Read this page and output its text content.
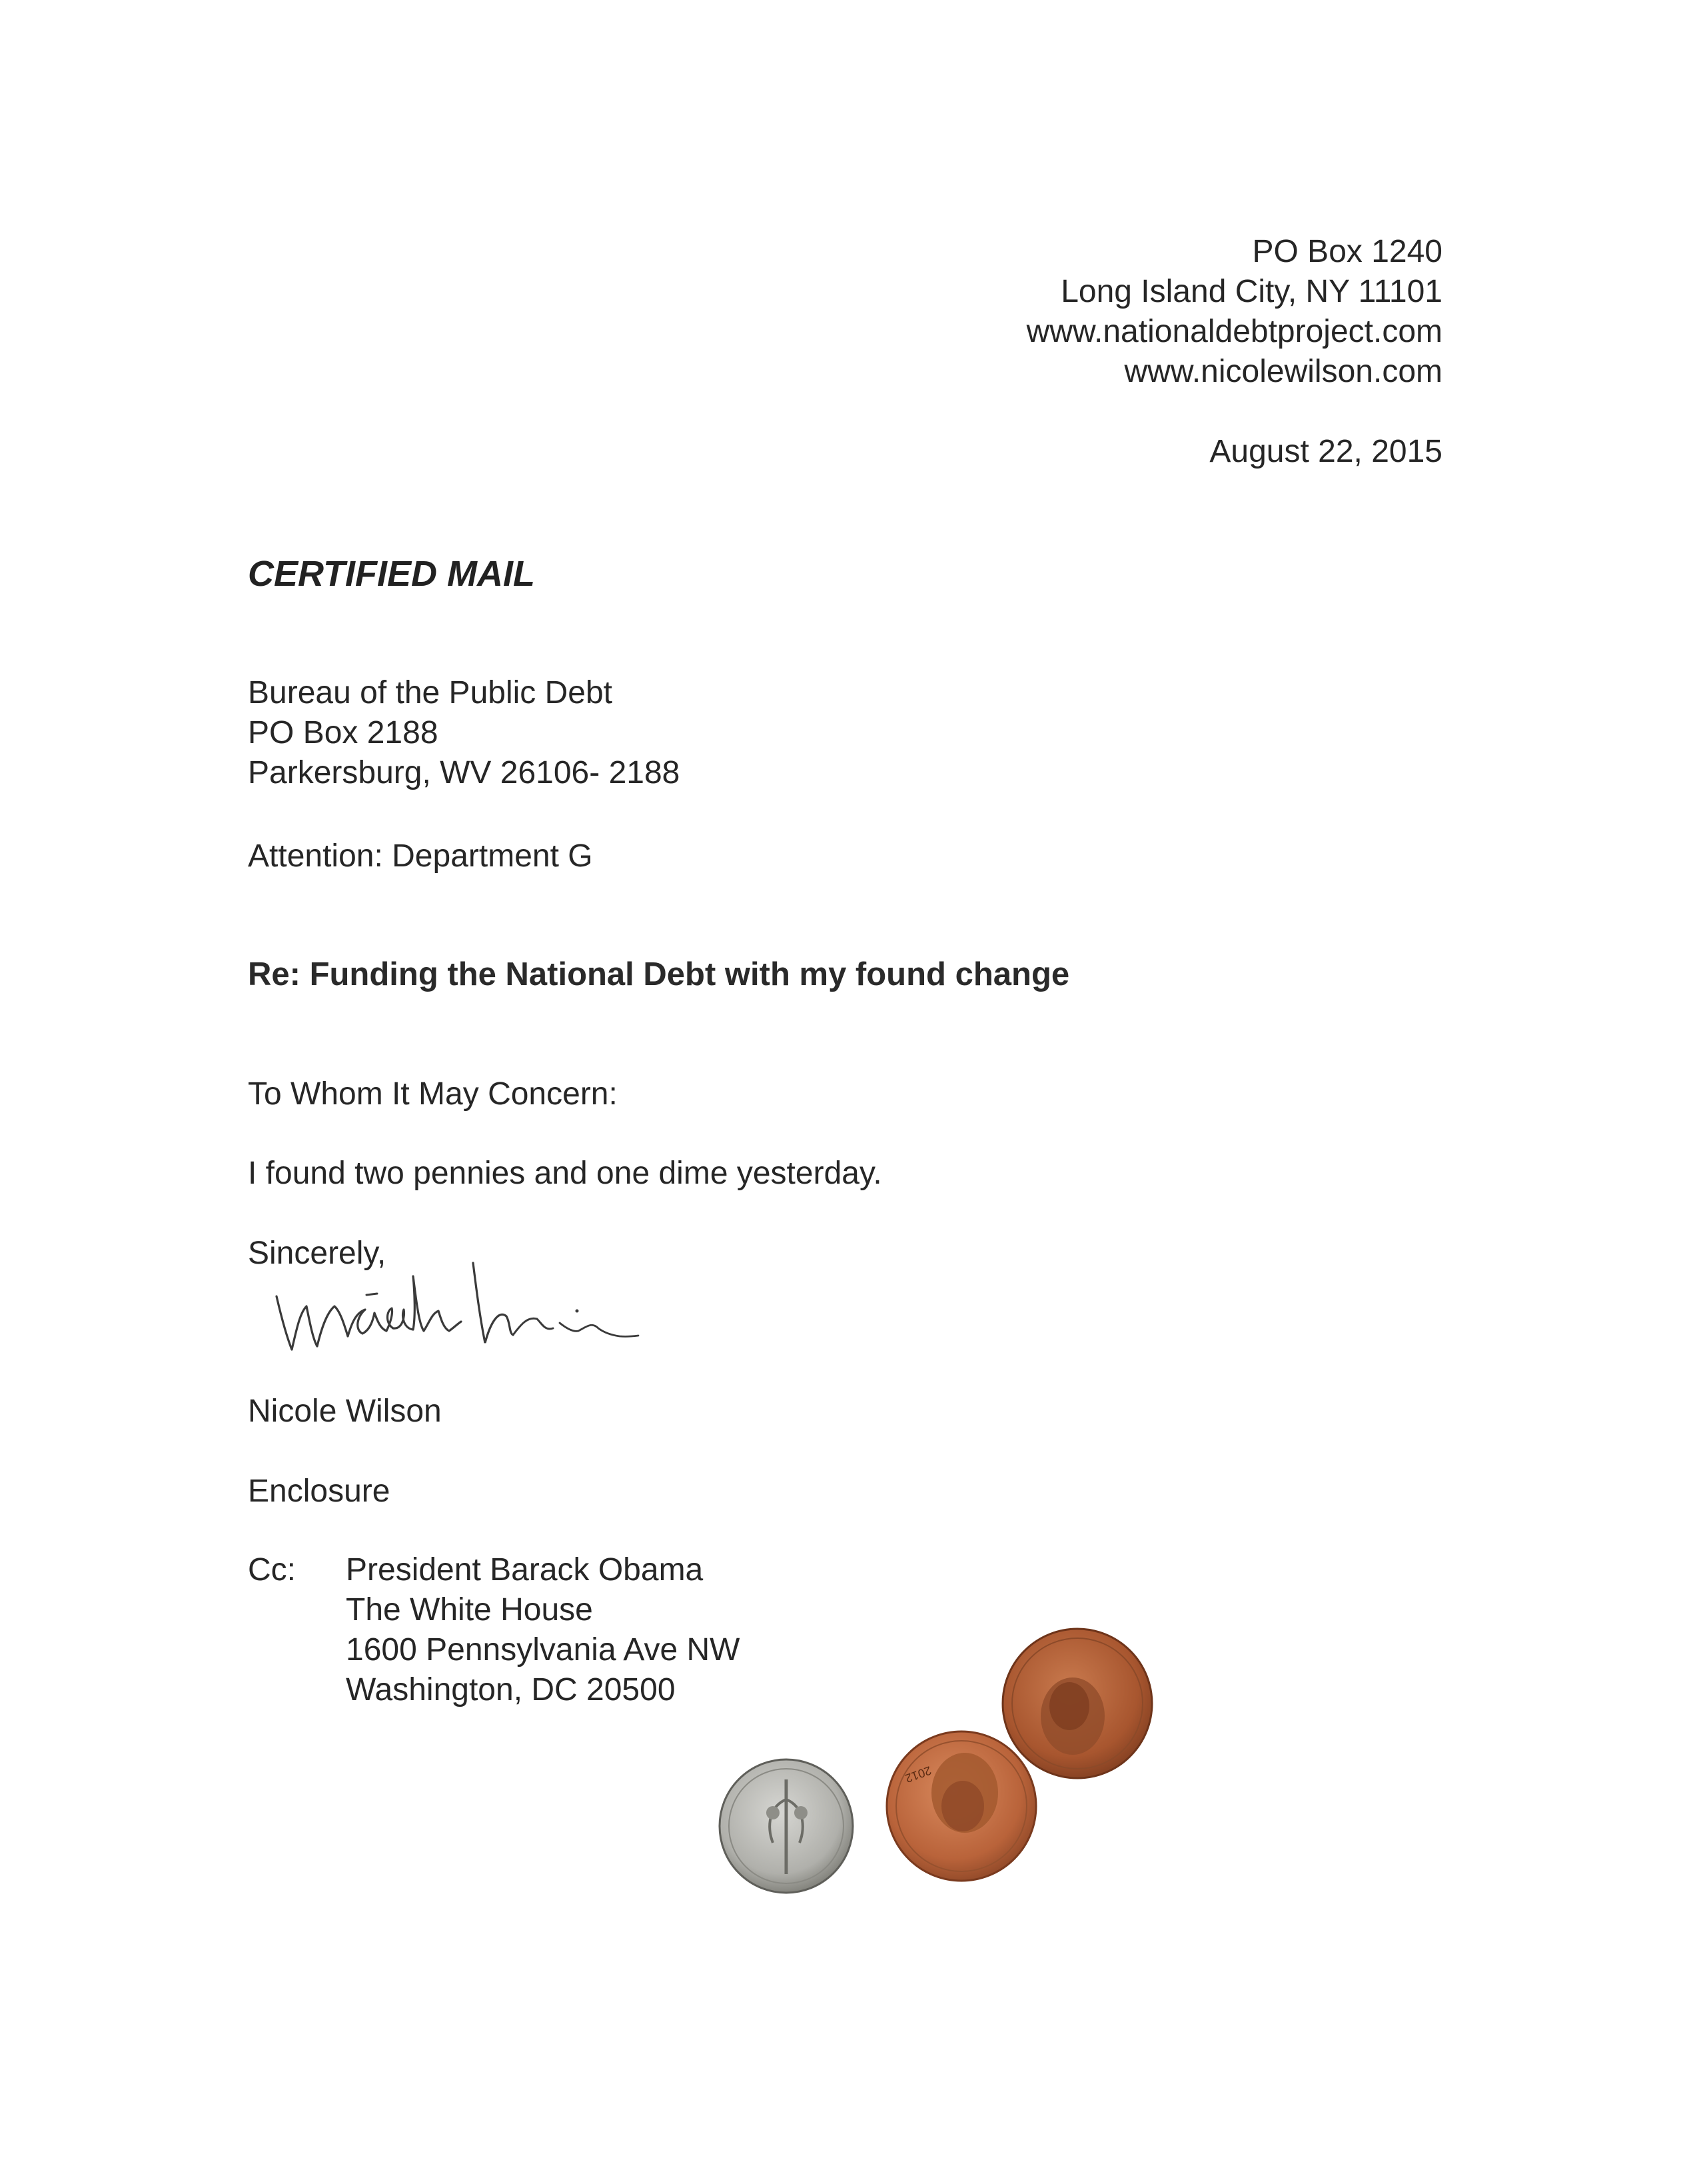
PO Box 1240
Long Island City, NY 11101
www.nationaldebtproject.com
www.nicolewilson.com
August 22, 2015
CERTIFIED MAIL
Bureau of the Public Debt
PO Box 2188
Parkersburg, WV 26106- 2188
Attention: Department G
Re: Funding the National Debt with my found change
To Whom It May Concern:
I found two pennies and one dime yesterday.
Sincerely,
Nicole Wilson
Enclosure
Cc: President Barack Obama
The White House
1600 Pennsylvania Ave NW
Washington, DC 20500
2012
